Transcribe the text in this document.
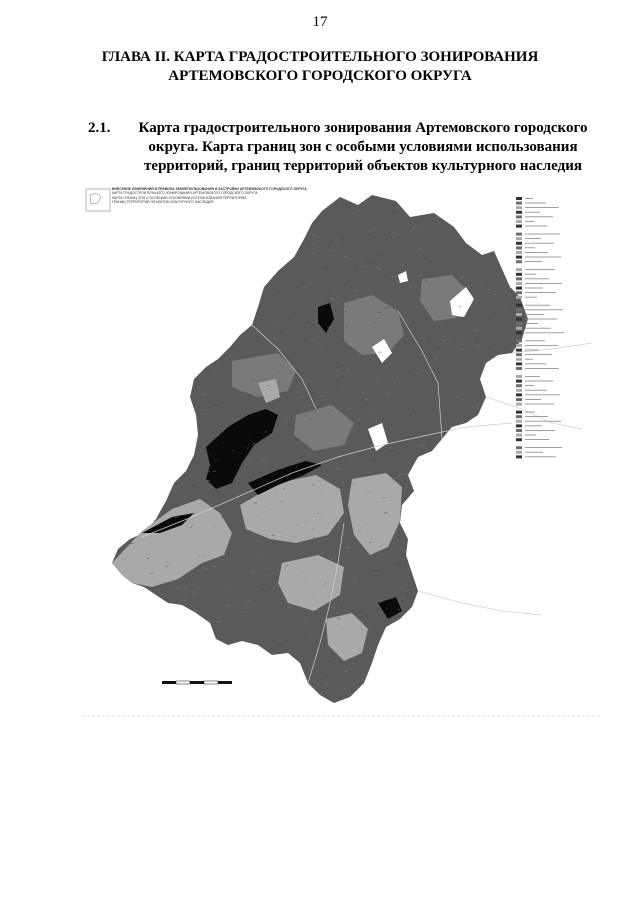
17
ГЛАВА II. КАРТА ГРАДОСТРОИТЕЛЬНОГО ЗОНИРОВАНИЯ
АРТЕМОВСКОГО ГОРОДСКОГО ОКРУГА
2.1.	Карта градостроительного зонирования Артемовского городского
округа. Карта границ зон с особыми условиями использования
территорий, границ территорий объектов культурного наследия
ВНЕСЕНИЕ ИЗМЕНЕНИЙ В ПРАВИЛА ЗЕМЛЕПОЛЬЗОВАНИЯ И ЗАСТРОЙКИ АРТЕМОВСКОГО ГОРОДСКОГО ОКРУГА
КАРТА ГРАДОСТРОИТЕЛЬНОГО ЗОНИРОВАНИЯ АРТЕМОВСКОГО ГОРОДСКОГО ОКРУГА
КАРТА ГРАНИЦ ЗОН С ОСОБЫМИ УСЛОВИЯМИ ИСПОЛЬЗОВАНИЯ ТЕРРИТОРИЙ,
ГРАНИЦ ТЕРРИТОРИЙ ОБЪЕКТОВ КУЛЬТУРНОГО НАСЛЕДИЯ
